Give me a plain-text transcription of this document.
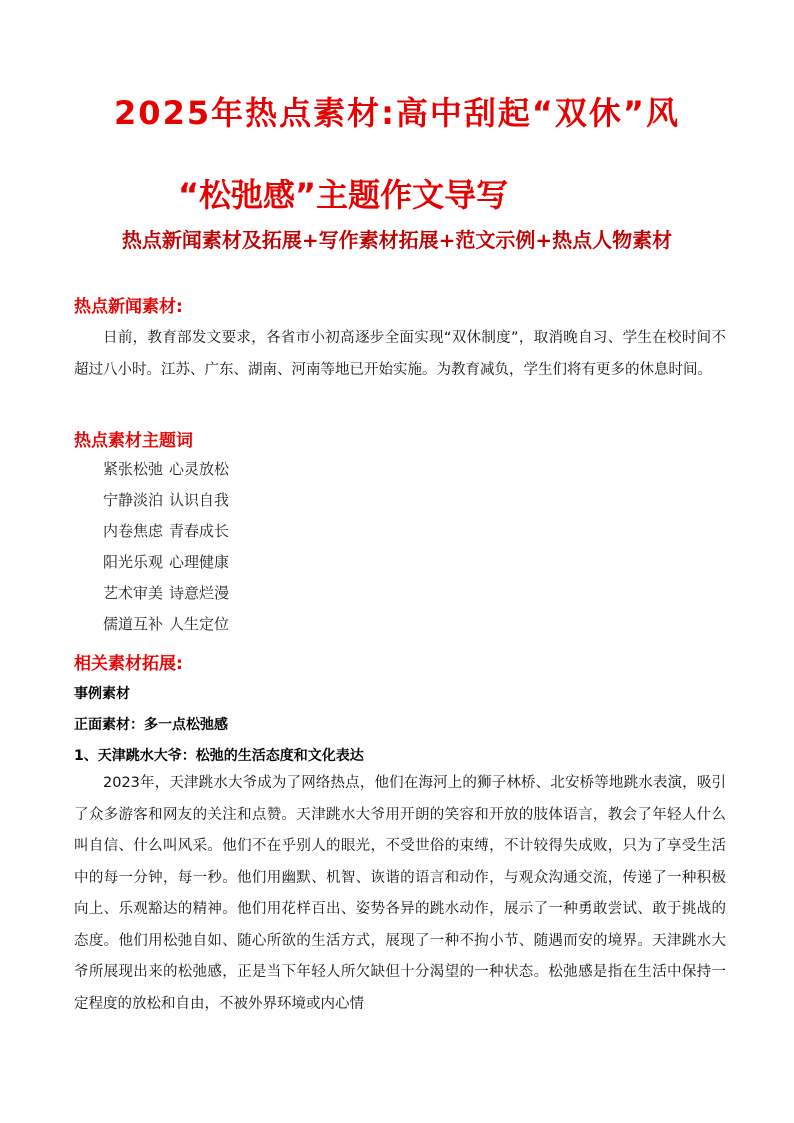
2025年热点素材:高中刮起“双休”风
“松弛感”主题作文导写
热点新闻素材及拓展+写作素材拓展+范文示例+热点人物素材
热点新闻素材:
日前，教育部发文要求，各省市小初高逐步全面实现“双休制度”，取消晚自习、学生在校时间不超过八小时。江苏、广东、湖南、河南等地已开始实施。为教育减负，学生们将有更多的休息时间。
热点素材主题词
紧张松弛 心灵放松
宁静淡泊 认识自我
内卷焦虑 青春成长
阳光乐观 心理健康
艺术审美 诗意烂漫
儒道互补 人生定位
相关素材拓展:
事例素材
正面素材：多一点松弛感
1、天津跳水大爷：松弛的生活态度和文化表达
2023年，天津跳水大爷成为了网络热点，他们在海河上的狮子林桥、北安桥等地跳水表演，吸引了众多游客和网友的关注和点赞。天津跳水大爷用开朗的笑容和开放的肢体语言，教会了年轻人什么叫自信、什么叫风采。他们不在乎别人的眼光，不受世俗的束缚，不计较得失成败，只为了享受生活中的每一分钟，每一秒。他们用幽默、机智、诙谐的语言和动作，与观众沟通交流，传递了一种积极向上、乐观豁达的精神。他们用花样百出、姿势各异的跳水动作，展示了一种勇敢尝试、敢于挑战的态度。他们用松弛自如、随心所欲的生活方式，展现了一种不拘小节、随遇而安的境界。天津跳水大爷所展现出来的松弛感，正是当下年轻人所欠缺但十分渴望的一种状态。松弛感是指在生活中保持一定程度的放松和自由，不被外界环境或内心情
